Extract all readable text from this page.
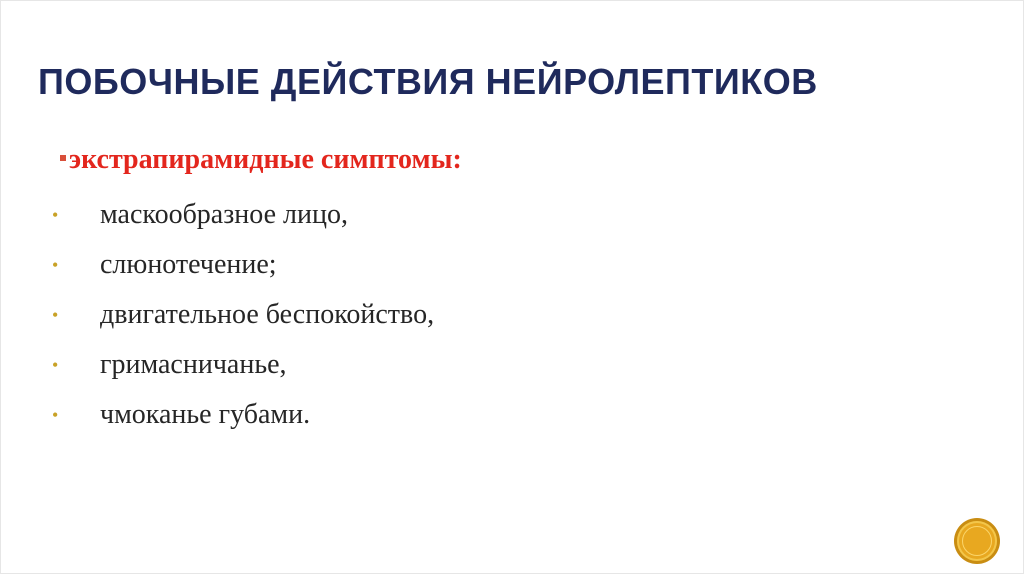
ПОБОЧНЫЕ ДЕЙСТВИЯ НЕЙРОЛЕПТИКОВ
экстрапирамидные симптомы:
•	маскообразное лицо,
•	слюнотечение;
•	двигательное беспокойство,
•	гримасничанье,
•	чмоканье губами.
